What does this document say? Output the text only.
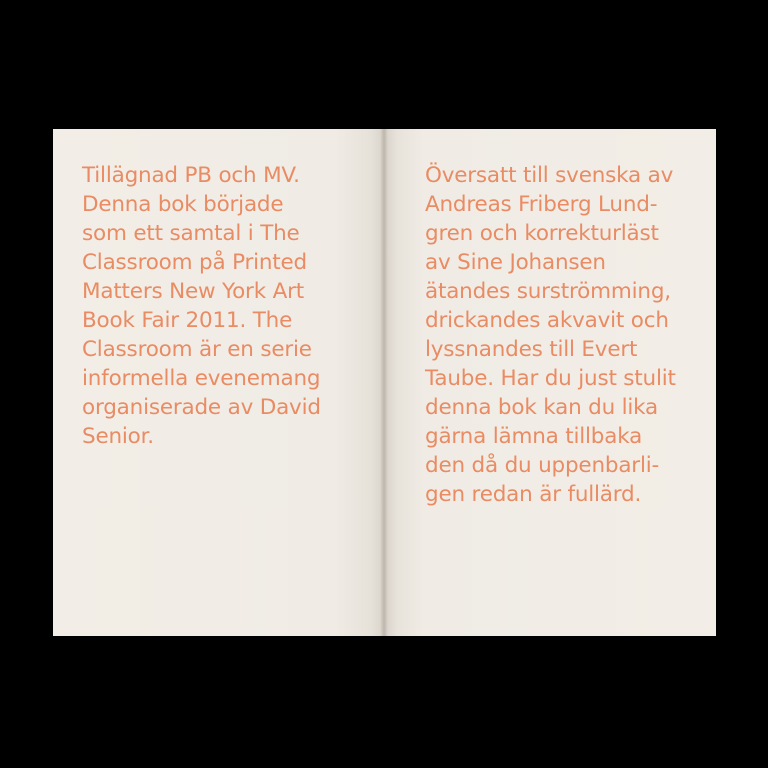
Tillägnad PB och MV.
Denna bok började
som ett samtal i The
Classroom på Printed
Matters New York Art
Book Fair 2011. The
Classroom är en serie
informella evenemang
organiserade av David
Senior.

Översatt till svenska av
Andreas Friberg Lund-
gren och korrekturläst
av Sine Johansen
ätandes surströmming,
drickandes akvavit och
lyssnandes till Evert
Taube. Har du just stulit
denna bok kan du lika
gärna lämna tillbaka
den då du uppenbarli-
gen redan är fullärd.
